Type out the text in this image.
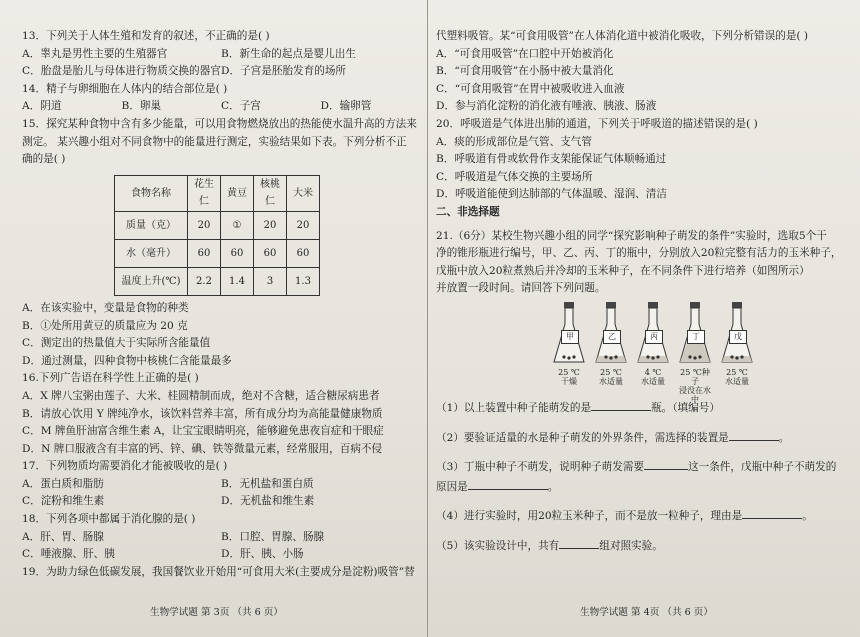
13．下列关于人体生殖和发育的叙述，不正确的是( )
A．睾丸是男性主要的生殖器官	B．新生命的起点是婴儿出生
C．胎盘是胎儿与母体进行物质交换的器官 D．子宫是胚胎发育的场所
14．精子与卵细胞在人体内的结合部位是( )
A．阴道	B．卵巢	C．子宫	D．输卵管
15．探究某种食物中含有多少能量，可以用食物燃烧放出的热能使水温升高的方法来
测定。 某兴趣小组对不同食物中的能量进行测定，实验结果如下表。下列分析不正
确的是( )
食物名称	花生仁	黄豆	核桃仁	大米
质量（克）	20	①	20	20
水（毫升）	60	60	60	60
温度上升(℃)	2.2	1.4	3	1.3
A．在该实验中，变量是食物的种类
B．①处所用黄豆的质量应为 20 克
C．测定出的热量值大于实际所含能量值
D．通过测量，四种食物中核桃仁含能量最多
16.下列广告语在科学性上正确的是( )
A．X 牌八宝粥由莲子、大米、桂圆精制而成，绝对不含糖，适合糖尿病患者
B．请放心饮用 Y 牌纯净水，该饮料营养丰富，所有成分均为高能量健康物质
C．M 牌鱼肝油富含维生素 A，让宝宝眼睛明亮，能够避免患夜盲症和干眼症
D．N 牌口服液含有丰富的钙、锌、碘、铁等微量元素，经常服用，百病不侵
17．下列物质均需要消化才能被吸收的是( )
A．蛋白质和脂肪	B．无机盐和蛋白质
C．淀粉和维生素	D．无机盐和维生素
18．下列各项中都属于消化腺的是( )
A．肝、胃、肠腺	B．口腔、胃腺、肠腺
C．唾液腺、肝、胰	D．肝、胰、小肠
19．为助力绿色低碳发展，我国餐饮业开始用“可食用大米(主要成分是淀粉)吸管”替
生物学试题 第 3页 （共 6 页）
代塑料吸管。某“可食用吸管”在人体消化道中被消化吸收，下列分析错误的是( )
A．“可食用吸管”在口腔中开始被消化
B．“可食用吸管”在小肠中被大量消化
C．“可食用吸管”在胃中被吸收进入血液
D．参与消化淀粉的消化液有唾液、胰液、肠液
20．呼吸道是气体进出肺的通道，下列关于呼吸道的描述错误的是( )
A．痰的形成部位是气管、支气管
B．呼吸道有骨或软骨作支架能保证气体顺畅通过
C．呼吸道是气体交换的主要场所
D．呼吸道能使到达肺部的气体温暖、湿润、清洁
二、非选择题
21.（6分）某校生物兴趣小组的同学“探究影响种子萌发的条件”实验时，选取5个干
净的锥形瓶进行编号，甲、乙、丙、丁的瓶中，分别放入20粒完整有活力的玉米种子，
戊瓶中放入20粒煮熟后并冷却的玉米种子，在不同条件下进行培养（如图所示）
并放置一段时间。请回答下列问题。
甲
25 ℃
干燥
乙
25 ℃
水适量
丙
4 ℃
水适量
丁
25 ℃种子
浸没在水中
戊
25 ℃
水适量
（1）以上装置中种子能萌发的是	瓶。（填编号）
（2）要验证适量的水是种子萌发的外界条件，需选择的装置是	。
（3）丁瓶中种子不萌发，说明种子萌发需要	这一条件，戊瓶中种子不萌发的
原因是	。
（4）进行实验时，用20粒玉米种子，而不是放一粒种子，理由是	。
（5）该实验设计中，共有	组对照实验。
生物学试题 第 4页 （共 6 页）
